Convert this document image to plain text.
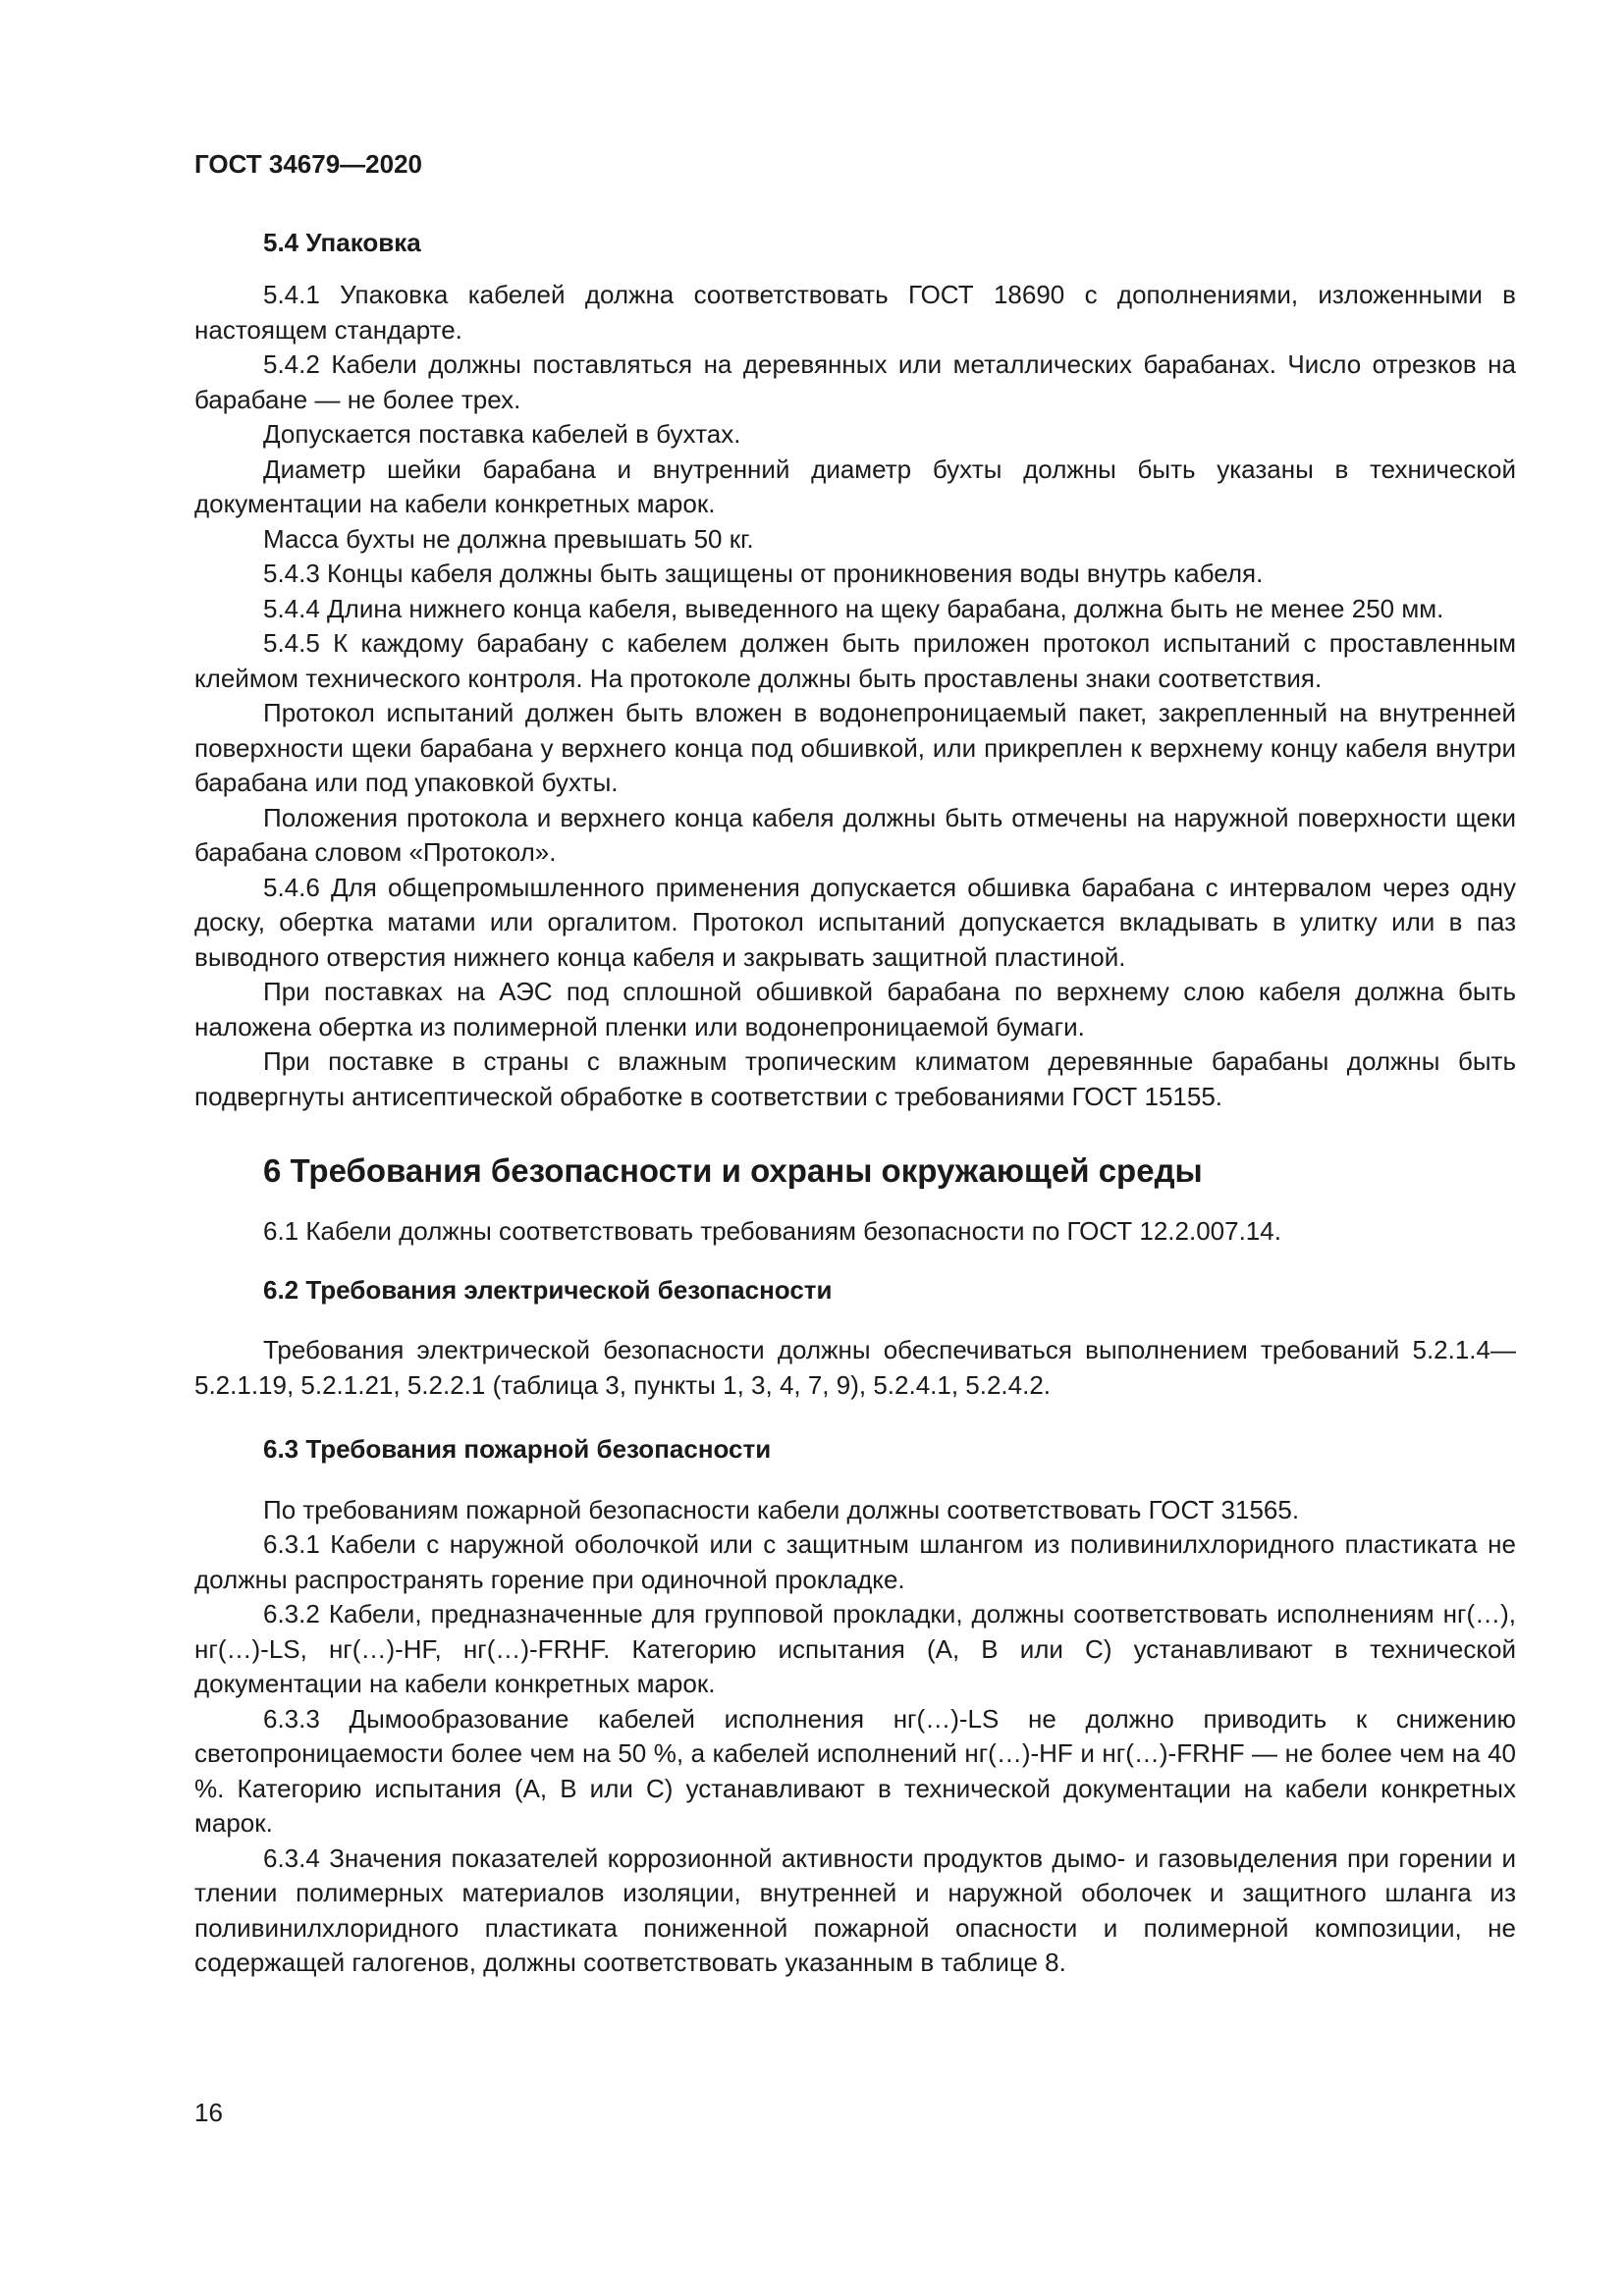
ГОСТ 34679—2020
5.4 Упаковка

5.4.1 Упаковка кабелей должна соответствовать ГОСТ 18690 с дополнениями, изложенными в настоящем стандарте.

5.4.2 Кабели должны поставляться на деревянных или металлических барабанах. Число отрезков на барабане — не более трех.

Допускается поставка кабелей в бухтах.

Диаметр шейки барабана и внутренний диаметр бухты должны быть указаны в технической документации на кабели конкретных марок.

Масса бухты не должна превышать 50 кг.

5.4.3 Концы кабеля должны быть защищены от проникновения воды внутрь кабеля.

5.4.4 Длина нижнего конца кабеля, выведенного на щеку барабана, должна быть не менее 250 мм.

5.4.5 К каждому барабану с кабелем должен быть приложен протокол испытаний с проставленным клеймом технического контроля. На протоколе должны быть проставлены знаки соответствия.

Протокол испытаний должен быть вложен в водонепроницаемый пакет, закрепленный на внутренней поверхности щеки барабана у верхнего конца под обшивкой, или прикреплен к верхнему концу кабеля внутри барабана или под упаковкой бухты.

Положения протокола и верхнего конца кабеля должны быть отмечены на наружной поверхности щеки барабана словом «Протокол».

5.4.6 Для общепромышленного применения допускается обшивка барабана с интервалом через одну доску, обертка матами или оргалитом. Протокол испытаний допускается вкладывать в улитку или в паз выводного отверстия нижнего конца кабеля и закрывать защитной пластиной.

При поставках на АЭС под сплошной обшивкой барабана по верхнему слою кабеля должна быть наложена обертка из полимерной пленки или водонепроницаемой бумаги.

При поставке в страны с влажным тропическим климатом деревянные барабаны должны быть подвергнуты антисептической обработке в соответствии с требованиями ГОСТ 15155.

6 Требования безопасности и охраны окружающей среды

6.1 Кабели должны соответствовать требованиям безопасности по ГОСТ 12.2.007.14.

6.2 Требования электрической безопасности

Требования электрической безопасности должны обеспечиваться выполнением требований 5.2.1.4—5.2.1.19, 5.2.1.21, 5.2.2.1 (таблица 3, пункты 1, 3, 4, 7, 9), 5.2.4.1, 5.2.4.2.

6.3 Требования пожарной безопасности

По требованиям пожарной безопасности кабели должны соответствовать ГОСТ 31565.

6.3.1 Кабели с наружной оболочкой или с защитным шлангом из поливинилхлоридного пластиката не должны распространять горение при одиночной прокладке.

6.3.2 Кабели, предназначенные для групповой прокладки, должны соответствовать исполнениям нг(…), нг(…)-LS, нг(…)-HF, нг(…)-FRHF. Категорию испытания (А, В или С) устанавливают в технической документации на кабели конкретных марок.

6.3.3 Дымообразование кабелей исполнения нг(…)-LS не должно приводить к снижению светопроницаемости более чем на 50 %, а кабелей исполнений нг(…)-HF и нг(…)-FRHF — не более чем на 40 %. Категорию испытания (А, В или С) устанавливают в технической документации на кабели конкретных марок.

6.3.4 Значения показателей коррозионной активности продуктов дымо- и газовыделения при горении и тлении полимерных материалов изоляции, внутренней и наружной оболочек и защитного шланга из поливинилхлоридного пластиката пониженной пожарной опасности и полимерной композиции, не содержащей галогенов, должны соответствовать указанным в таблице 8.

16
